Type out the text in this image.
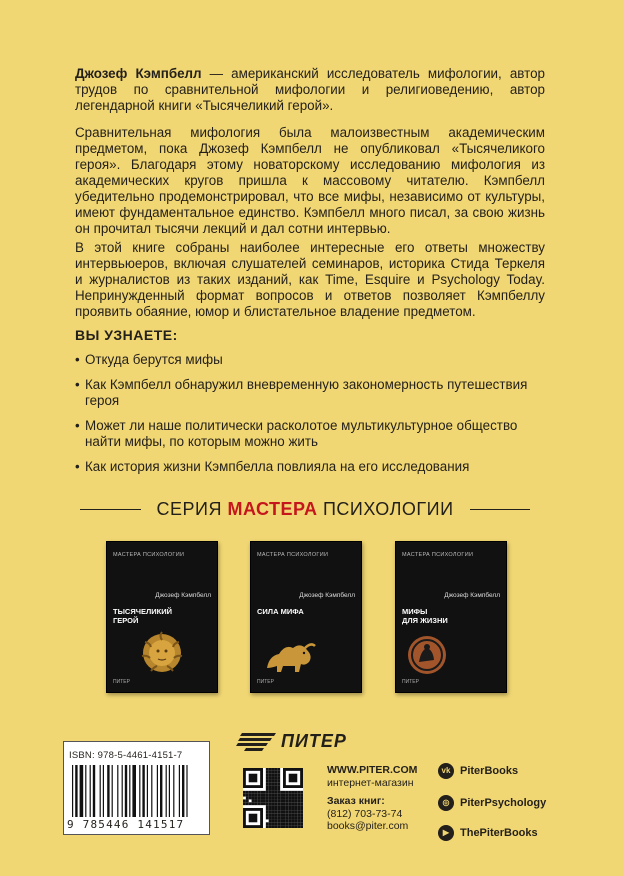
Джозеф Кэмпбелл — американский исследователь мифологии, автор трудов по сравнительной мифологии и религиоведению, автор легендарной книги «Тысячеликий герой».

Сравнительная мифология была малоизвестным академическим предметом, пока Джозеф Кэмпбелл не опубликовал «Тысячеликого героя». Благодаря этому новаторскому исследованию мифология из академических кругов пришла к массовому читателю. Кэмпбелл убедительно продемонстрировал, что все мифы, независимо от культуры, имеют фундаментальное единство. Кэмпбелл много писал, за свою жизнь он прочитал тысячи лекций и дал сотни интервью.

В этой книге собраны наиболее интересные его ответы множеству интервьюеров, включая слушателей семинаров, историка Стида Теркеля и журналистов из таких изданий, как Time, Esquire и Psychology Today. Непринужденный формат вопросов и ответов позволяет Кэмпбеллу проявить обаяние, юмор и блистательное владение предметом.

ВЫ УЗНАЕТЕ:
• Откуда берутся мифы
• Как Кэмпбелл обнаружил вневременную закономерность путешествия героя
• Может ли наше политически расколотое мультикультурное общество найти мифы, по которым можно жить
• Как история жизни Кэмпбелла повлияла на его исследования
СЕРИЯ МАСТЕРА ПСИХОЛОГИИ
МАСТЕРА ПСИХОЛОГИИ
Джозеф Кэмпбелл
ТЫСЯЧЕЛИКИЙ
ГЕРОЙ
ПИТЕР
МАСТЕРА ПСИХОЛОГИИ
Джозеф Кэмпбелл
СИЛА МИФА
ПИТЕР
МАСТЕРА ПСИХОЛОГИИ
Джозеф Кэмпбелл
МИФЫ
ДЛЯ ЖИЗНИ
ПИТЕР
ПИТЕР
ISBN: 978-5-4461-4151-7
9 785446 141517
WWW.PITER.COM
интернет-магазин
Заказ книг:
(812) 703-73-74
books@piter.com
vk PiterBooks
◎ PiterPsychology
▶ ThePiterBooks
